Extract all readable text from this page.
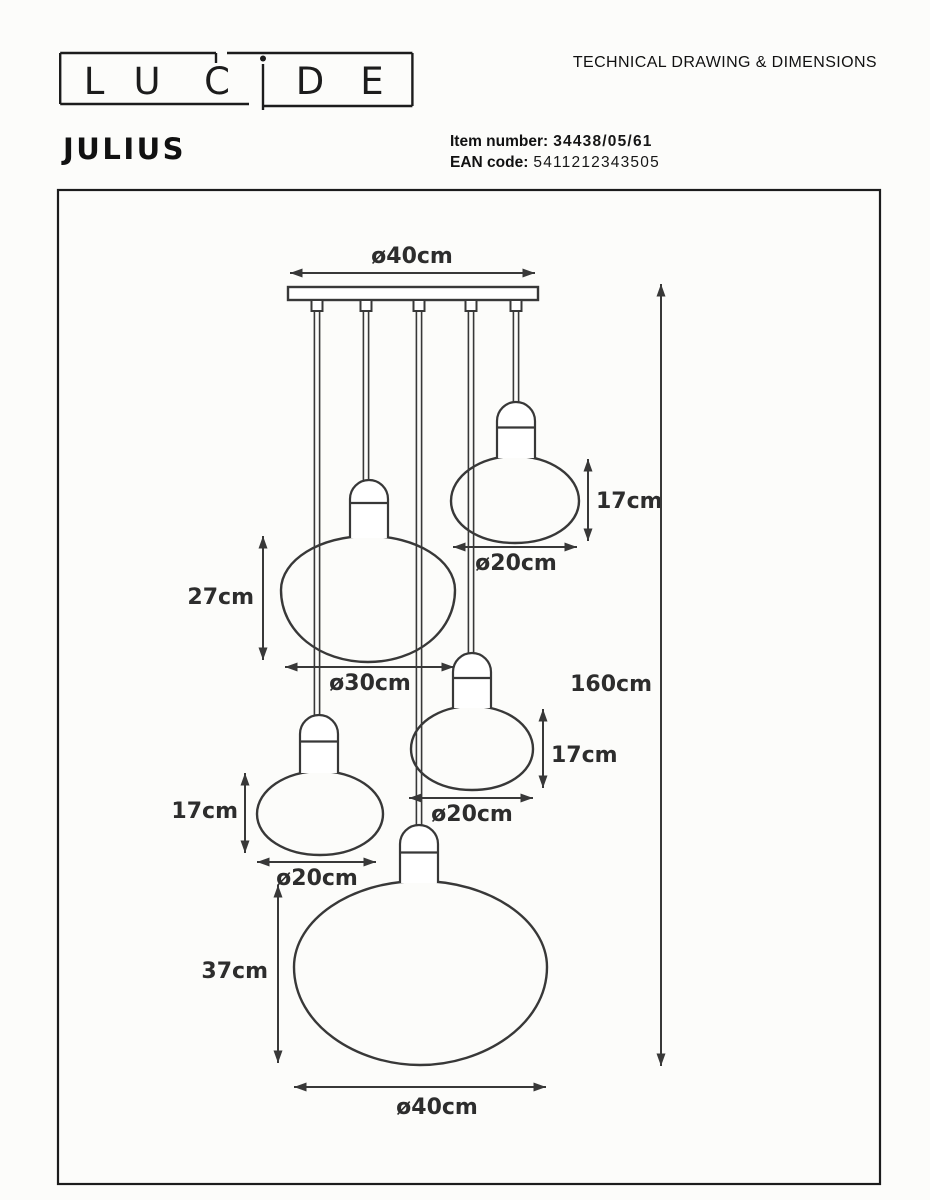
L U C D E	TECHNICAL DRAWING & DIMENSIONS
JULIUS	Item number: 34438/05/61
EAN code: 5411212343505
ø40cm
17cm
ø20cm
27cm
ø30cm
17cm
ø20cm
17cm
ø20cm
37cm
ø40cm
160cm
